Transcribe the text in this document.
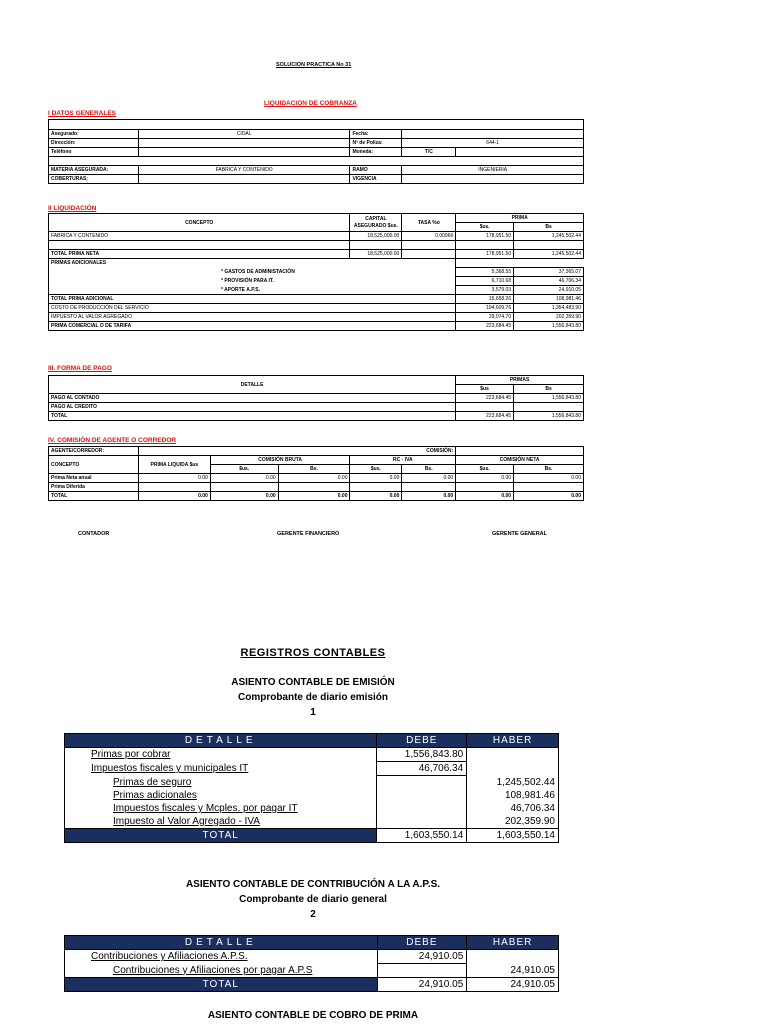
SOLUCION PRACTICA No 31
LIQUIDACION DE COBRANZA
I DATOS GENERALES

Asegurado:	CIDAL	Fecha:		
Dirección:		Nº de Poliza:	644-1	
Teléfono		Moneda:	T/C	

MATERIA ASEGURADA:	FABRICA Y CONTENIDO	RAMO	INGENIERIA	
COBERTURAS:		VIGENCIA		
II LIQUIDACIÓN
CONCEPTO	CAPITAL ASEGURADO $us.	TASA %o	PRIMA	
			$us.	Bs
FABRICA Y CONTENIDO	18,525,000.00	0.00966	178,951.50	1,245,502.44

TOTAL PRIMA NETA	18,525,000.00		178,951.50	1,245,502.44
PRIMAS ADICIONALES				
* GASTOS DE ADMINISTACIÓN			5,368.55	37,365.07
* PROVISIÓN PARA IT.			6,710.68	46,706.34
* APORTE A.P.S.			3,579.03	24,910.05
TOTAL PRIMA ADICIONAL			15,658.26	108,981.46
COSTO DE PRODUCCIÓN DEL SERVICIO			194,609.76	1,354,483.90
IMPUESTO AL VALOR AGREGADO			29,074.70	202,359.90
PRIMA COMERCIAL O DE TARIFA			223,684.45	1,556,843.80
III. FORMA DE PAGO
DETALLE	PRIMAS	
	$us	Bs
PAGO AL CONTADO	223,684.45	1,556,843.80
PAGO AL CREDITO		
TOTAL	223,684.45	1,556,843.80
IV. COMISIÓN DE AGENTE O CORREDOR
AGENTE/CORREDOR:	COMISIÓN:						
CONCEPTO	PRIMA LIQUIDA $us	COMISIÓN BRUTA		RC - IVA		COMISIÓN NETA	
		$us.	Bs.	$us.	Bs.	$us.	Bs.
Prima Neta anual	0.00	0.00	0.00	0.00	0.00	0.00	0.00
Prima Diferida							
TOTAL	0.00	0.00	0.00	0.00	0.00	0.00	0.00
CONTADOR	GERENTE FINANCIERO	GERENTE GENERAL
REGISTROS CONTABLES
ASIENTO CONTABLE DE EMISIÓN
Comprobante de diario emisión
1
DETALLE	DEBE	HABER
Primas por cobrar	1,556,843.80	
Impuestos fiscales y municipales IT	46,706.34	
Primas de seguro		1,245,502.44
Primas adicionales		108,981.46
Impuestos fiscales y Mcples. por pagar IT		46,706.34
Impuesto al Valor Agregado - IVA		202,359.90
TOTAL	1,603,550.14	1,603,550.14
ASIENTO CONTABLE DE CONTRIBUCIÓN A LA A.P.S.
Comprobante de diario general
2
DETALLE	DEBE	HABER
Contribuciones y Afiliaciones A.P.S.	24,910.05	
Contribuciones y Afiliaciones por pagar A.P.S		24,910.05
TOTAL	24,910.05	24,910.05
ASIENTO CONTABLE DE COBRO DE PRIMA
